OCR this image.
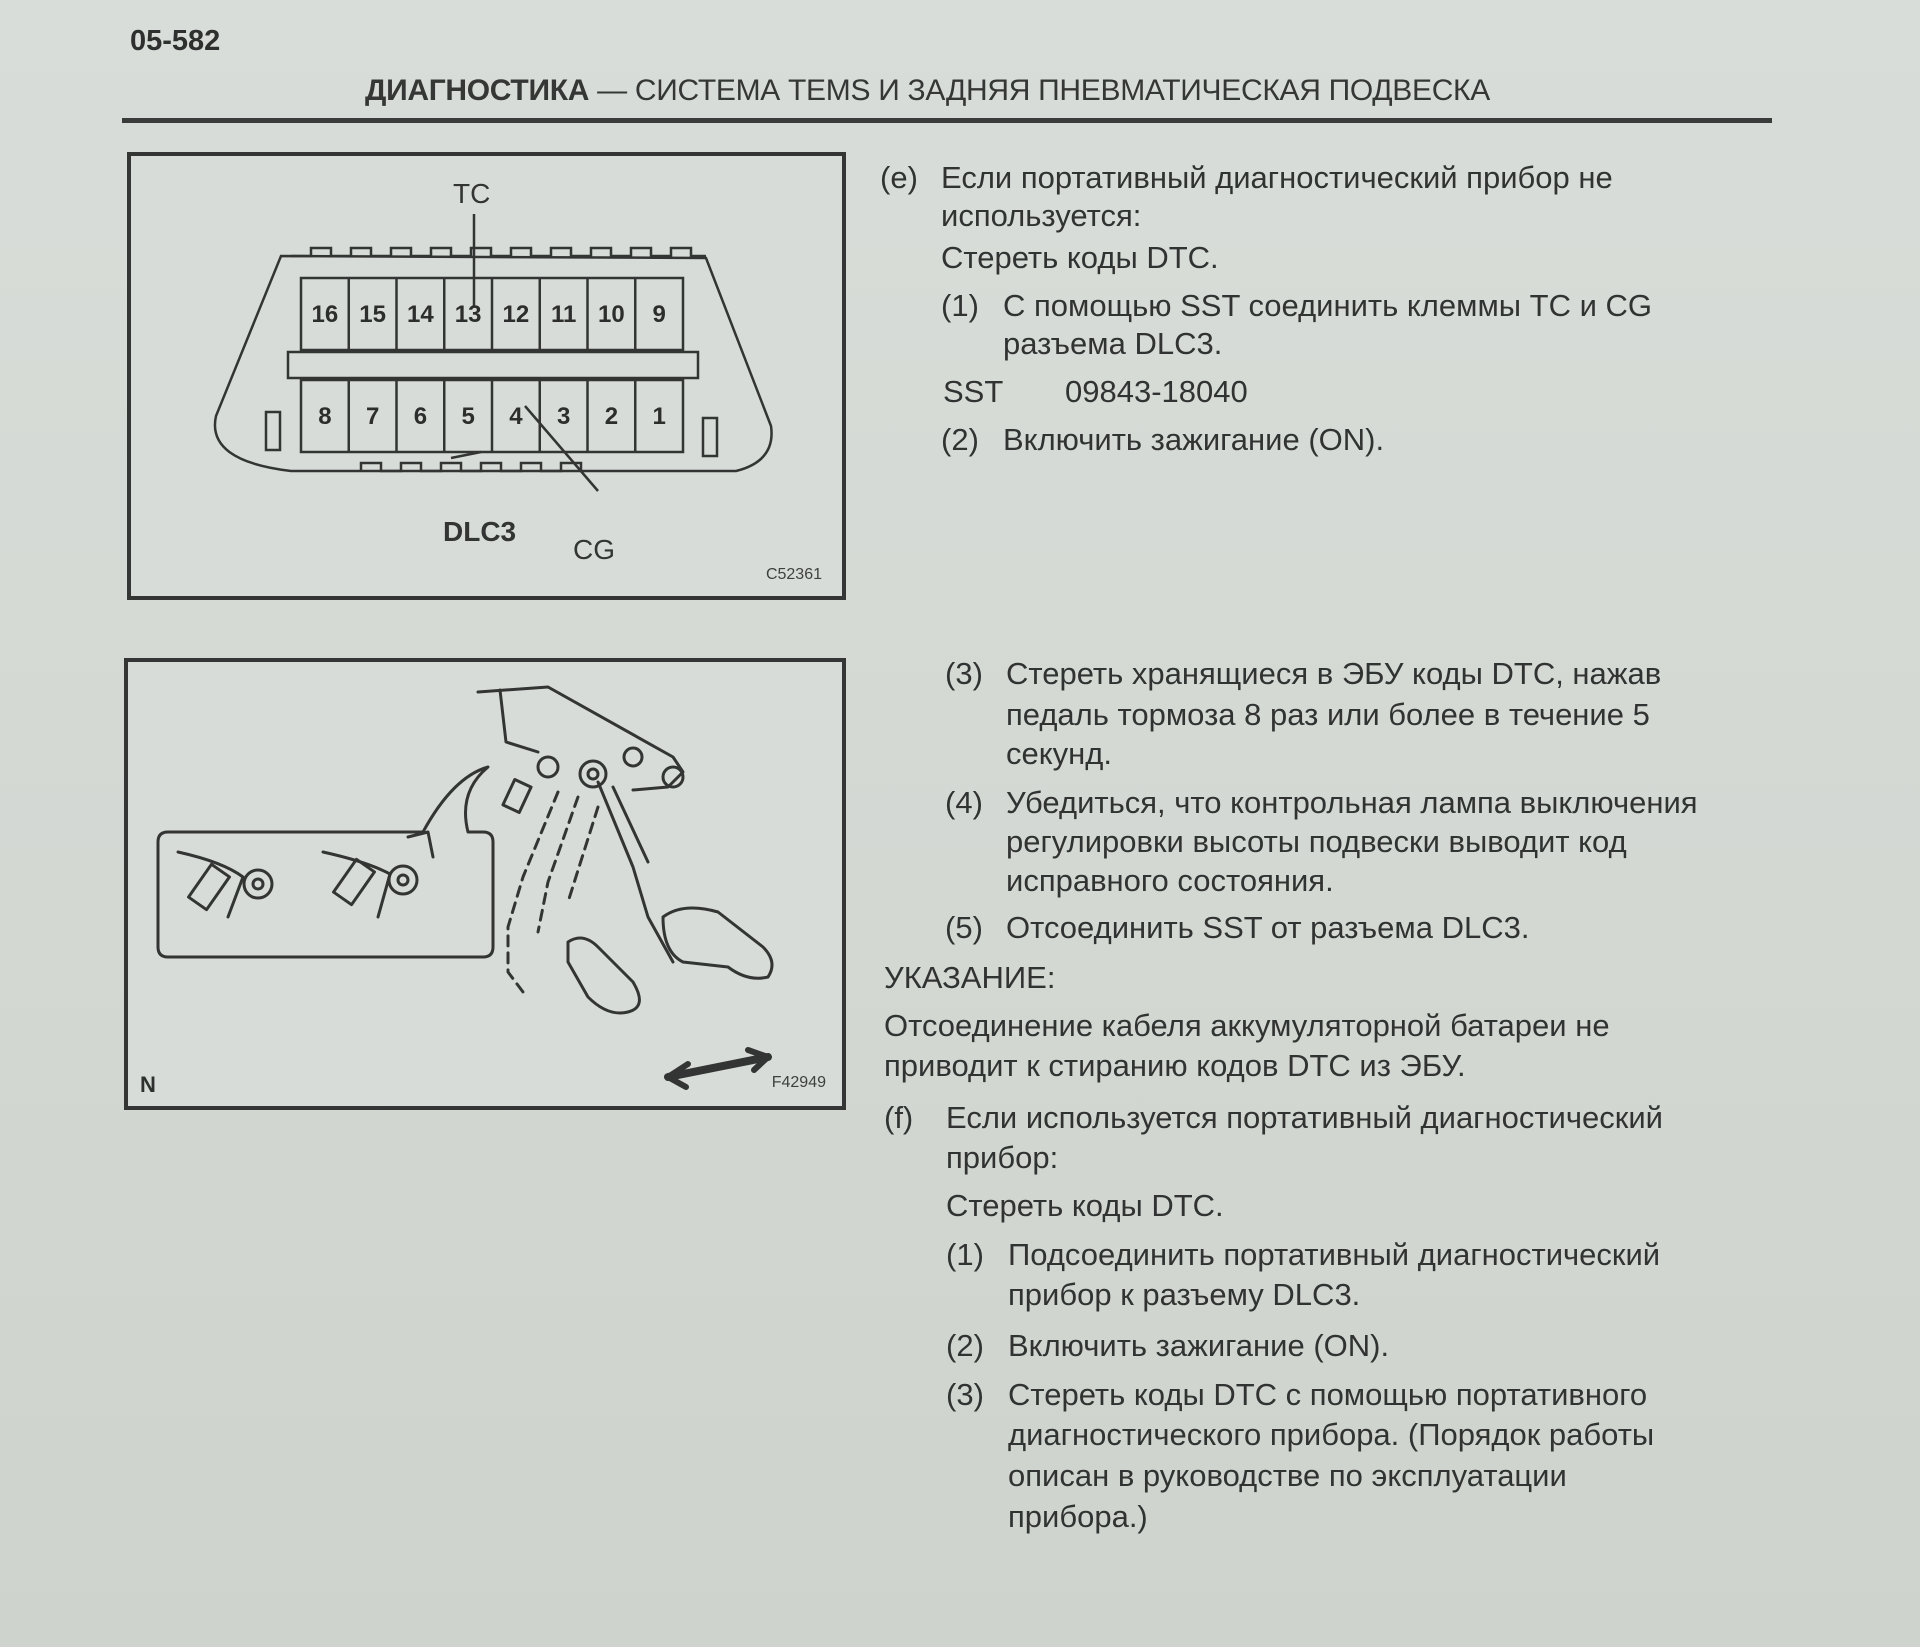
05-582
ДИАГНОСТИКА — СИСТЕМА TEMS И ЗАДНЯЯ ПНЕВМАТИЧЕСКАЯ ПОДВЕСКА
16 15 14 13 12 11 10 9
8 7 6 5 4 3 2 1
TC
DLC3
CG
C52361
N	F42949
(e) Если портативный диагностический прибор не
используется:
Стереть коды DTC.
(1) С помощью SST соединить клеммы TC и CG
разъема DLC3.
SST 09843-18040
(2) Включить зажигание (ON).
(3) Стереть хранящиеся в ЭБУ коды DTC, нажав
педаль тормоза 8 раз или более в течение 5
секунд.
(4) Убедиться, что контрольная лампа выключения
регулировки высоты подвески выводит код
исправного состояния.
(5) Отсоединить SST от разъема DLC3.
УКАЗАНИЕ:
Отсоединение кабеля аккумуляторной батареи не
приводит к стиранию кодов DTC из ЭБУ.
(f) Если используется портативный диагностический
прибор:
Стереть коды DTC.
(1) Подсоединить портативный диагностический
прибор к разъему DLC3.
(2) Включить зажигание (ON).
(3) Стереть коды DTC с помощью портативного
диагностического прибора. (Порядок работы
описан в руководстве по эксплуатации
прибора.)
